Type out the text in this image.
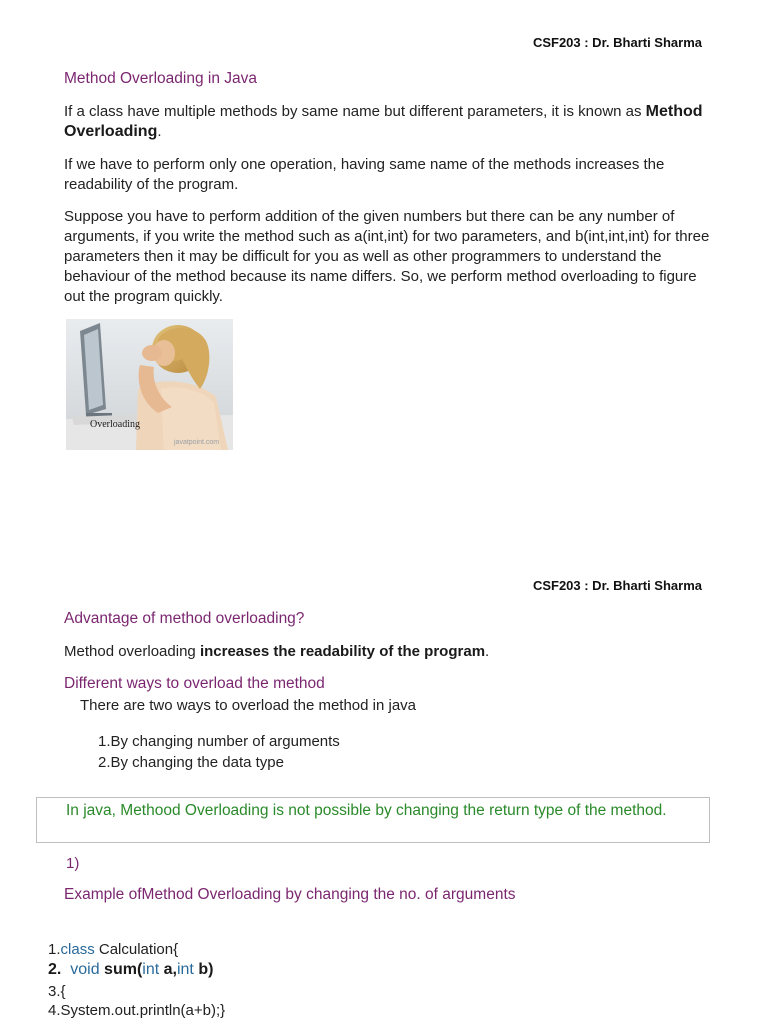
CSF203 : Dr. Bharti Sharma
Method Overloading in Java
If a class have multiple methods by same name but different parameters, it is known as Method Overloading.
If we have to perform only one operation, having same name of the methods increases the readability of the program.
Suppose you have to perform addition of the given numbers but there can be any number of arguments, if you write the method such as a(int,int) for two parameters, and b(int,int,int) for three parameters then it may be difficult for you as well as other programmers to understand the behaviour of the method because its name differs. So, we perform method overloading to figure out the program quickly.
Overloading
javatpoint.com
CSF203 : Dr. Bharti Sharma
Advantage of method overloading?
Method overloading increases the readability of the program.
Different ways to overload the method
There are two ways to overload the method in java
1.By changing number of arguments
2.By changing the data type
In java, Methood Overloading is not possible by changing the return type of the method.
1)
Example ofMethod Overloading by changing the no. of arguments
1.class Calculation{
2. void sum(int a,int b)
3.{
4.System.out.println(a+b);}
